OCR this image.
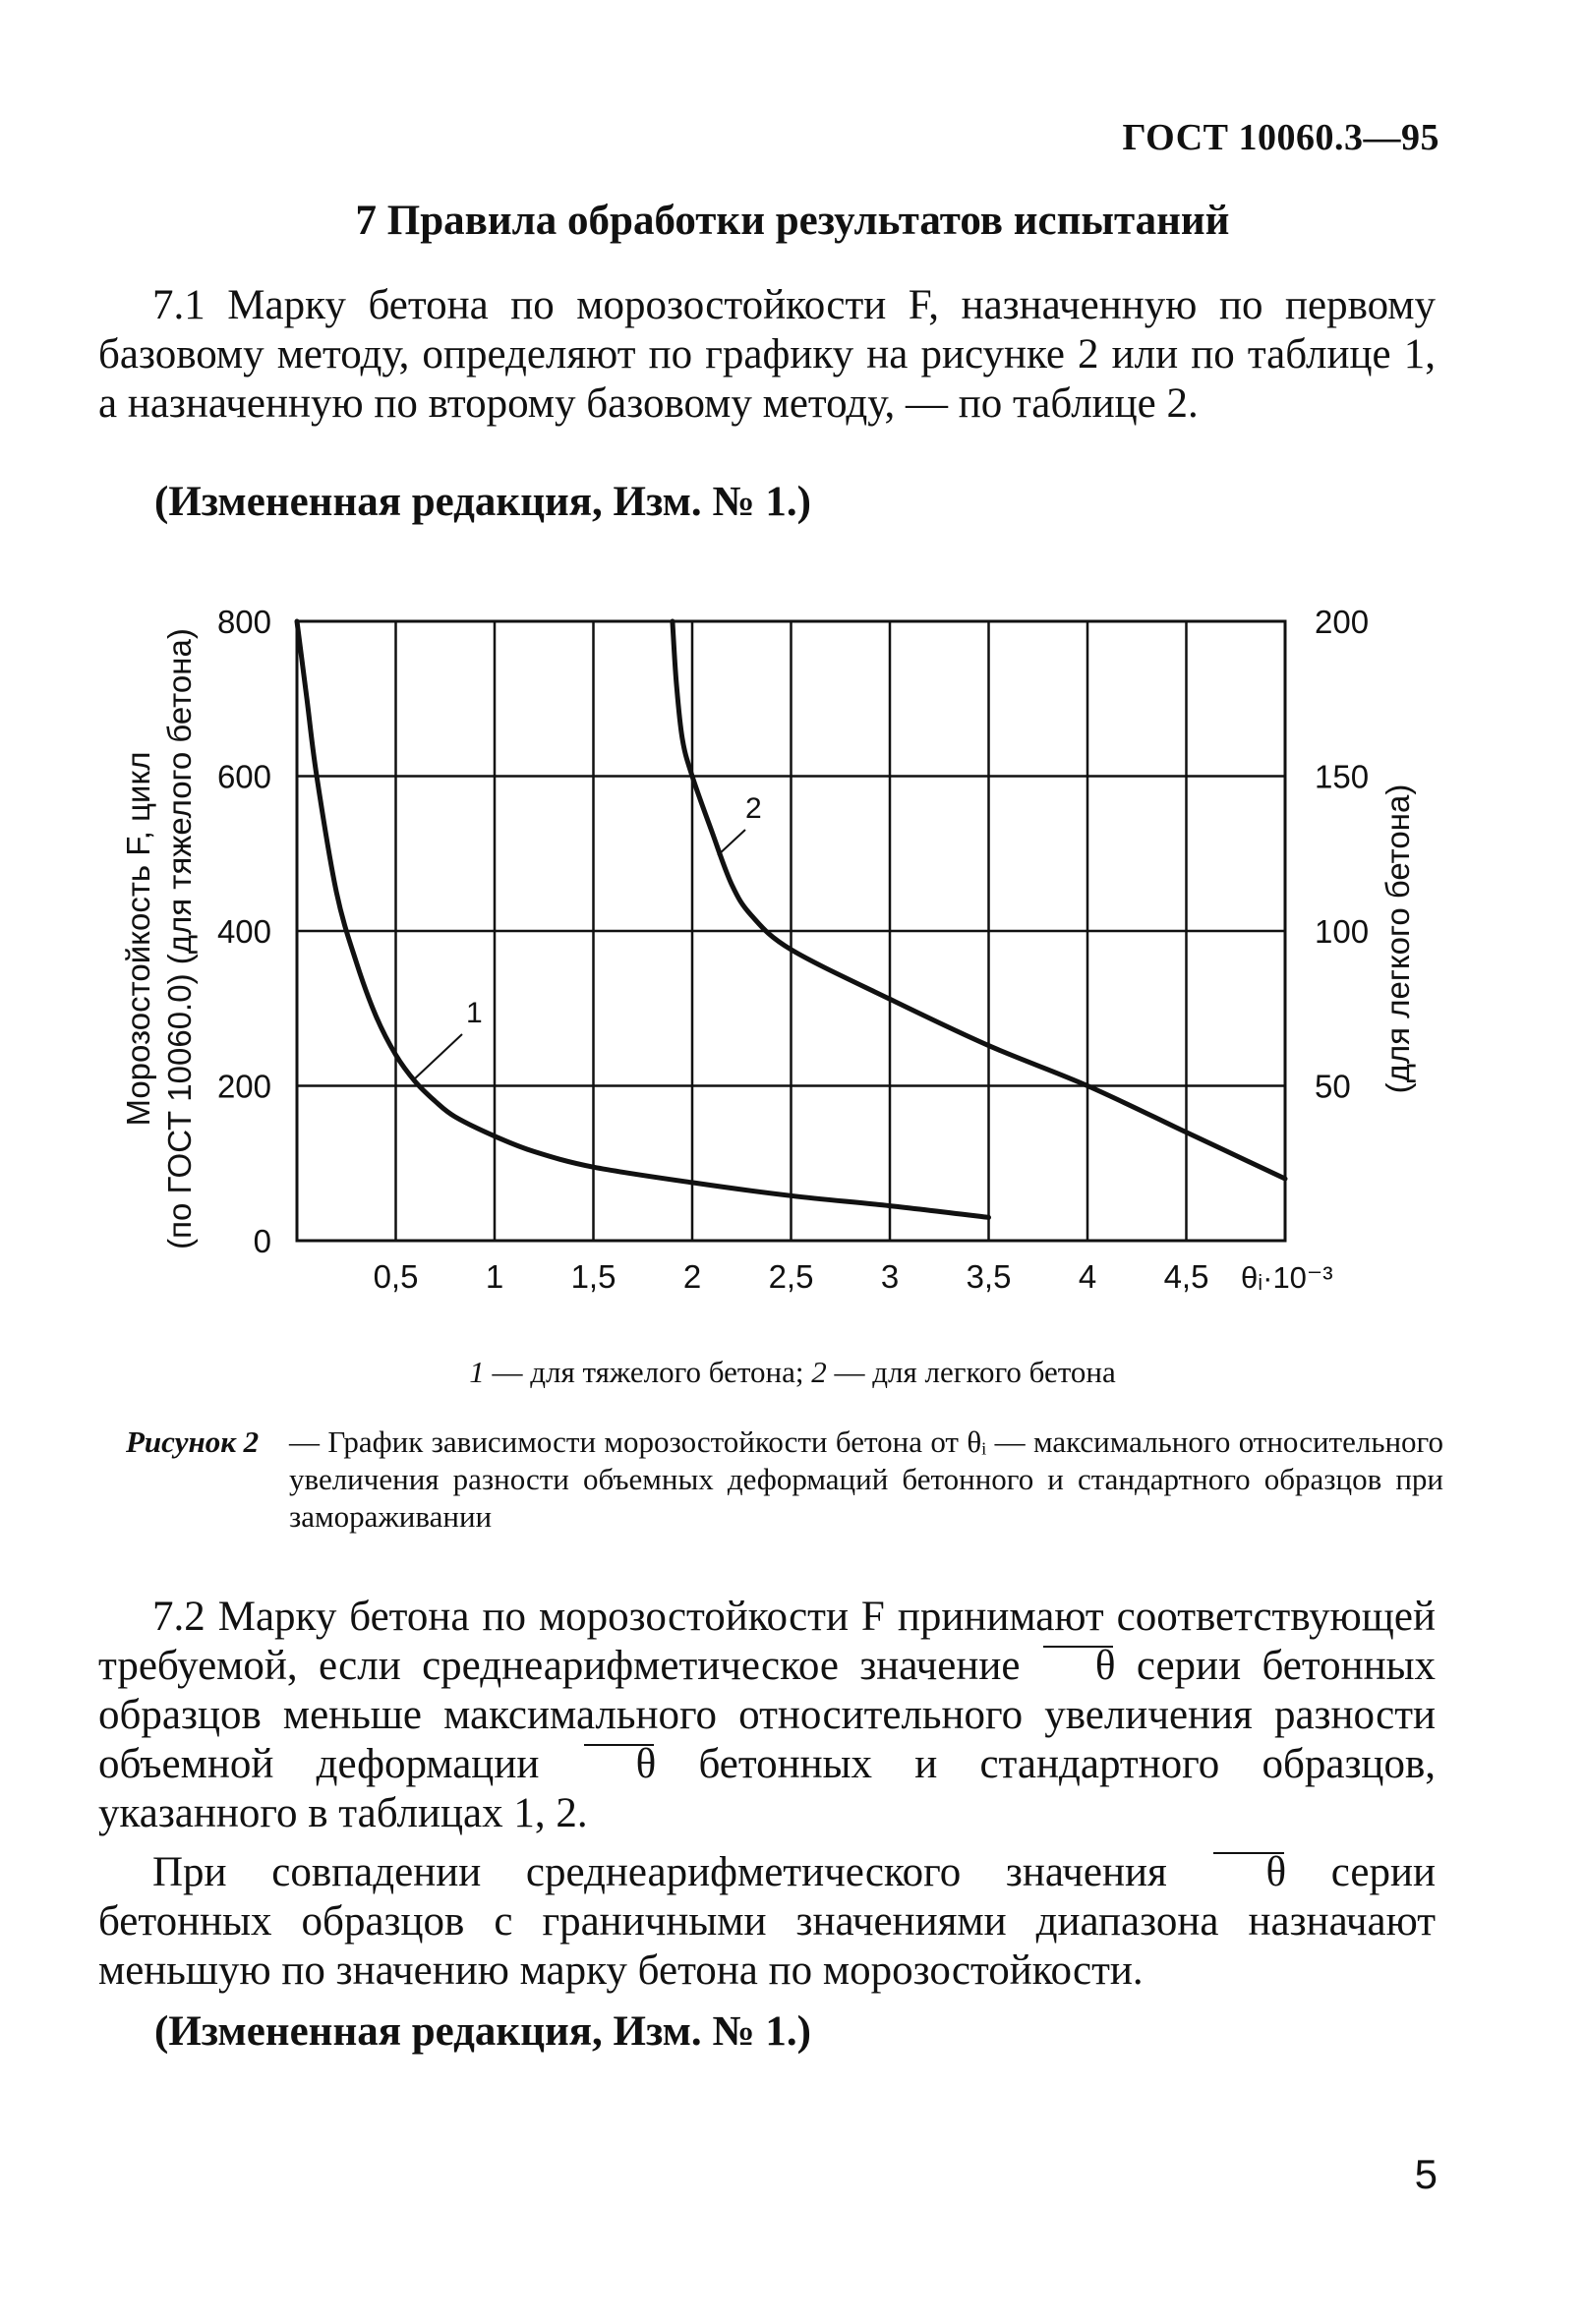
ГОСТ 10060.3—95
7 Правила обработки результатов испытаний

7.1 Марку бетона по морозостойкости F, назначенную по первому базовому методу, определяют по графику на рисунке 2 или по таблице 1, а назначенную по второму базовому методу, — по таблице 2.

(Измененная редакция, Изм. № 1.)
0,5 1 1,5 2 2,5 3 3,5 4 4,5
800
600
400
200
0
200
150
100
50
Морозостойкость F, цикл (по ГОСТ 10060.0) (для тяжелого бетона)	(для легкого бетона)
θᵢ·10⁻³
1
2
1 — для тяжелого бетона; 2 — для легкого бетона
Рисунок 2 — График зависимости морозостойкости бетона от θᵢ — максимального относительного увеличения разности объемных деформаций бетонного и стандартного образцов при замораживании

7.2 Марку бетона по морозостойкости F принимают соответствующей требуемой, если среднеарифметическое значение θ серии бетонных образцов меньше максимального относительного увеличения разности объемной деформации θ бетонных и стандартного образцов, указанного в таблицах 1, 2.

При совпадении среднеарифметического значения θ серии бетонных образцов с граничными значениями диапазона назначают меньшую по значению марку бетона по морозостойкости.

(Измененная редакция, Изм. № 1.)
5
